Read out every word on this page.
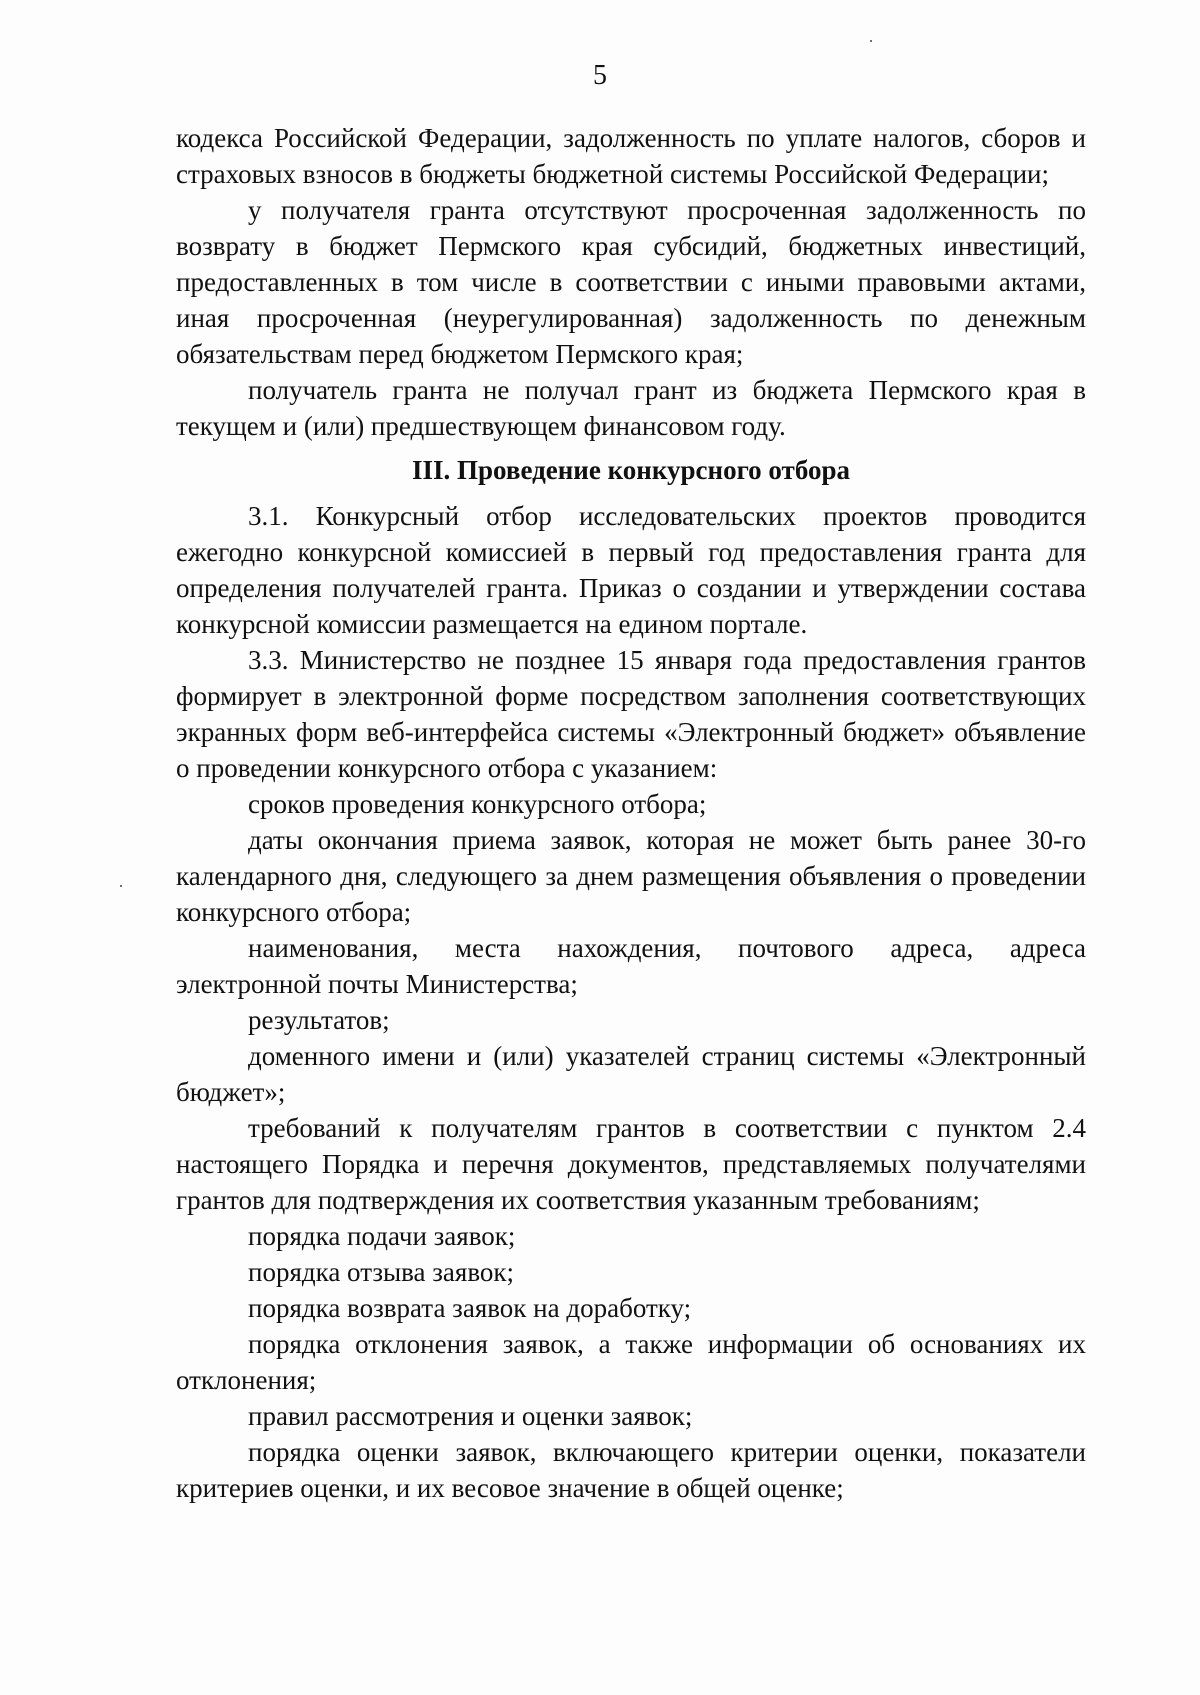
5

кодекса Российской Федерации, задолженность по уплате налогов, сборов и страховых взносов в бюджеты бюджетной системы Российской Федерации;

у получателя гранта отсутствуют просроченная задолженность по возврату в бюджет Пермского края субсидий, бюджетных инвестиций, предоставленных в том числе в соответствии с иными правовыми актами, иная просроченная (неурегулированная) задолженность по денежным обязательствам перед бюджетом Пермского края;

получатель гранта не получал грант из бюджета Пермского края в текущем и (или) предшествующем финансовом году.

III. Проведение конкурсного отбора

3.1. Конкурсный отбор исследовательских проектов проводится ежегодно конкурсной комиссией в первый год предоставления гранта для определения получателей гранта. Приказ о создании и утверждении состава конкурсной комиссии размещается на едином портале.

3.3. Министерство не позднее 15 января года предоставления грантов формирует в электронной форме посредством заполнения соответствующих экранных форм веб-интерфейса системы «Электронный бюджет» объявление о проведении конкурсного отбора с указанием:

сроков проведения конкурсного отбора;

даты окончания приема заявок, которая не может быть ранее 30-го календарного дня, следующего за днем размещения объявления о проведении конкурсного отбора;

наименования, места нахождения, почтового адреса, адреса электронной почты Министерства;

результатов;

доменного имени и (или) указателей страниц системы «Электронный бюджет»;

требований к получателям грантов в соответствии с пунктом 2.4 настоящего Порядка и перечня документов, представляемых получателями грантов для подтверждения их соответствия указанным требованиям;

порядка подачи заявок;

порядка отзыва заявок;

порядка возврата заявок на доработку;

порядка отклонения заявок, а также информации об основаниях их отклонения;

правил рассмотрения и оценки заявок;

порядка оценки заявок, включающего критерии оценки, показатели критериев оценки, и их весовое значение в общей оценке;
